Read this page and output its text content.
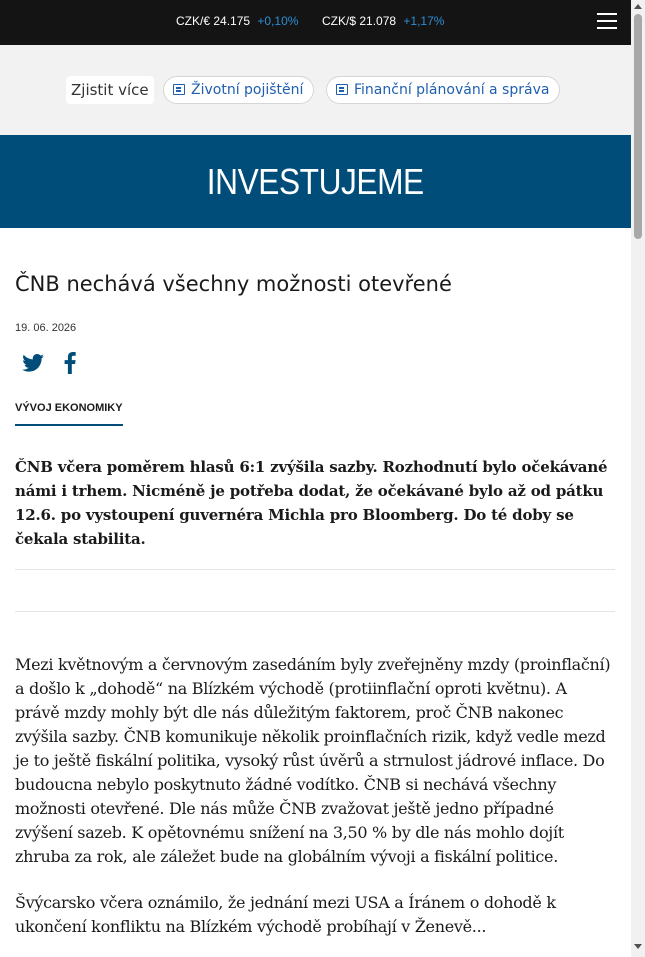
CZK/€ 24.175 +0,10% CZK/$ 21.078 +1,17%
Zjistit více	Životní pojištění	Finanční plánování a správa
INVESTUJEME
ČNB nechává všechny možnosti otevřené
19. 06. 2026
VÝVOJ EKONOMIKY

ČNB včera poměrem hlasů 6:1 zvýšila sazby. Rozhodnutí bylo očekávané námi i trhem. Nicméně je potřeba dodat, že očekávané bylo až od pátku 12.6. po vystoupení guvernéra Michla pro Bloomberg. Do té doby se čekala stabilita.

Mezi květnovým a červnovým zasedáním byly zveřejněny mzdy (proinflační) a došlo k „dohodě“ na Blízkém východě (protiinflační oproti květnu). A právě mzdy mohly být dle nás důležitým faktorem, proč ČNB nakonec zvýšila sazby. ČNB komunikuje několik proinflačních rizik, když vedle mezd je to ještě fiskální politika, vysoký růst úvěrů a strnulost jádrové inflace. Do budoucna nebylo poskytnuto žádné vodítko. ČNB si nechává všechny možnosti otevřené. Dle nás může ČNB zvažovat ještě jedno případné zvýšení sazeb. K opětovnému snížení na 3,50 % by dle nás mohlo dojít zhruba za rok, ale záležet bude na globálním vývoji a fiskální politice.

Švýcarsko včera oznámilo, že jednání mezi USA a Íránem o dohodě k ukončení konfliktu na Blízkém východě probíhají v Ženevě...
